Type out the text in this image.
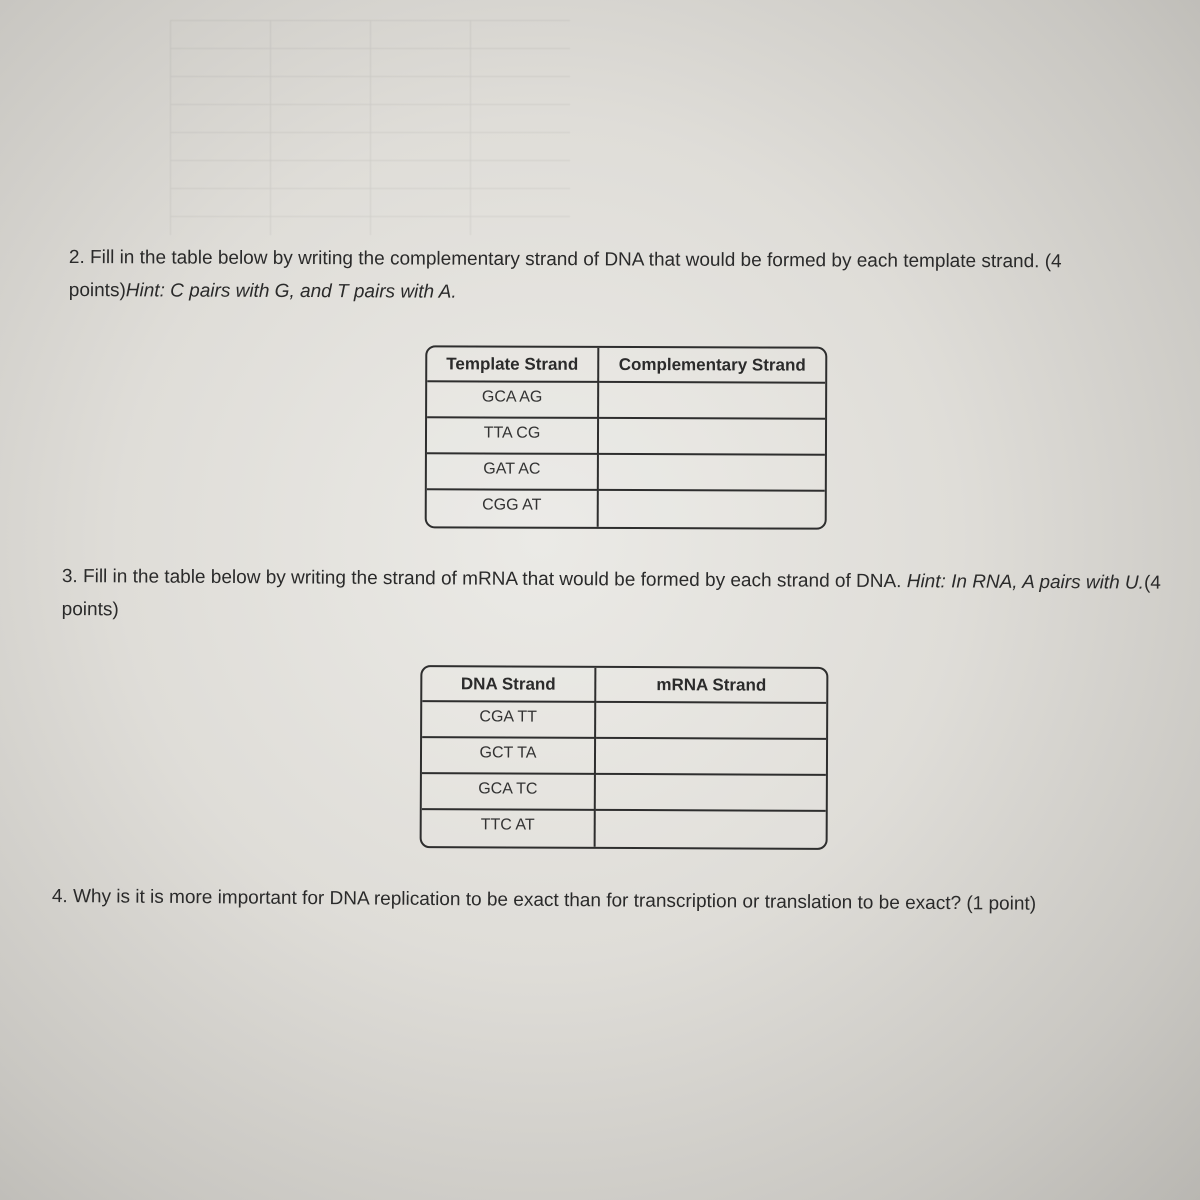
2. Fill in the table below by writing the complementary strand of DNA that would be formed by each template strand. (4 points)Hint: C pairs with G, and T pairs with A.
Template Strand	Complementary Strand
GCA AG	
TTA CG	
GAT AC	
CGG AT	
3. Fill in the table below by writing the strand of mRNA that would be formed by each strand of DNA. Hint: In RNA, A pairs with U.(4 points)
DNA Strand	mRNA Strand
CGA TT	
GCT TA	
GCA TC	
TTC AT	
4. Why is it is more important for DNA replication to be exact than for transcription or translation to be exact? (1 point)
